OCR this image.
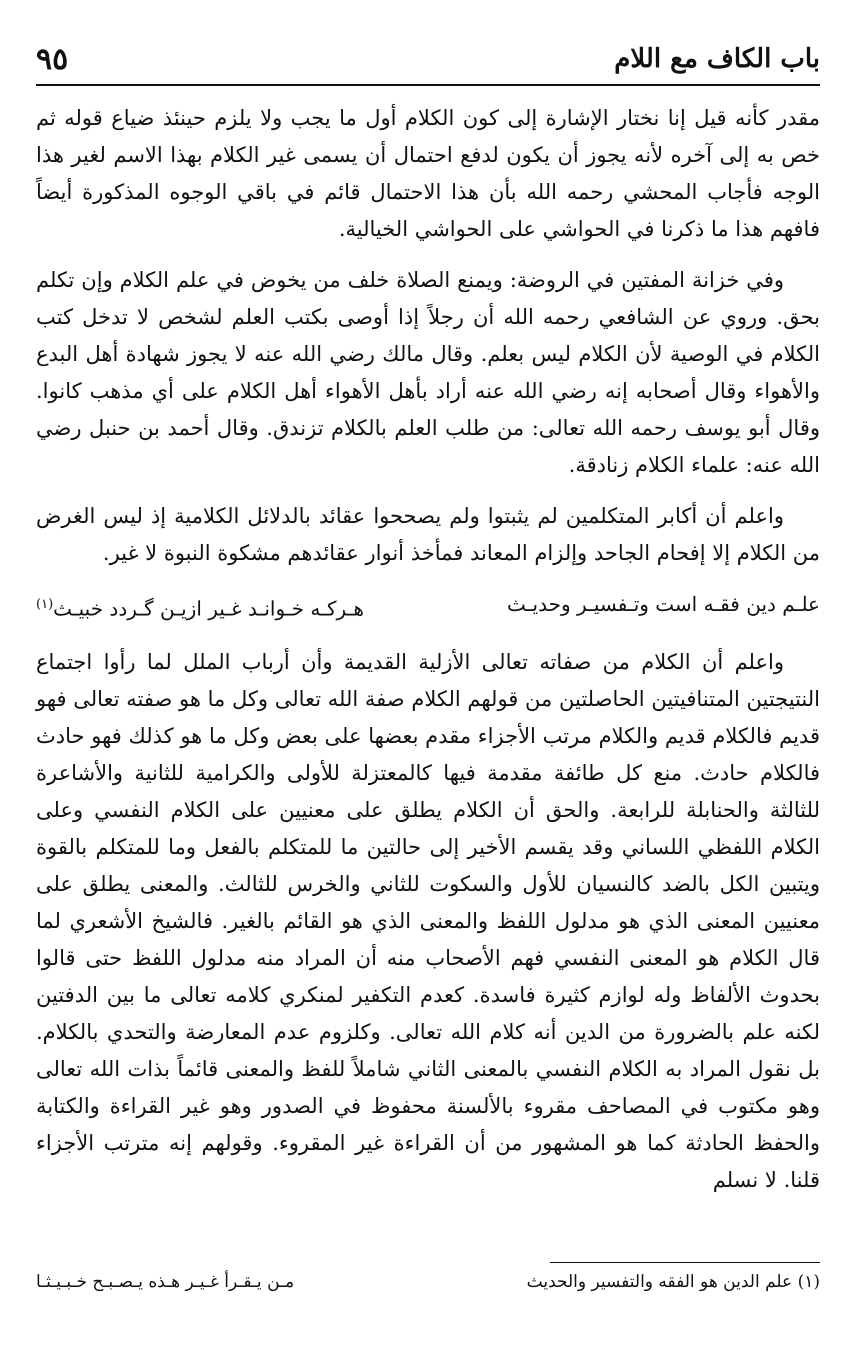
٩٥	باب الكاف مع اللام

مقدر كأنه قيل إنا نختار الإشارة إلى كون الكلام أول ما يجب ولا يلزم حينئذ ضياع قوله ثم خص به إلى آخره لأنه يجوز أن يكون لدفع احتمال أن يسمى غير الكلام بهذا الاسم لغير هذا الوجه فأجاب المحشي رحمه الله بأن هذا الاحتمال قائم في باقي الوجوه المذكورة أيضاً فافهم هذا ما ذكرنا في الحواشي على الحواشي الخيالية.

وفي خزانة المفتين في الروضة: ويمنع الصلاة خلف من يخوض في علم الكلام وإن تكلم بحق. وروي عن الشافعي رحمه الله أن رجلاً إذا أوصى بكتب العلم لشخص لا تدخل كتب الكلام في الوصية لأن الكلام ليس بعلم. وقال مالك رضي الله عنه لا يجوز شهادة أهل البدع والأهواء وقال أصحابه إنه رضي الله عنه أراد بأهل الأهواء أهل الكلام على أي مذهب كانوا. وقال أبو يوسف رحمه الله تعالى: من طلب العلم بالكلام تزندق. وقال أحمد بن حنبل رضي الله عنه: علماء الكلام زنادقة.

واعلم أن أكابر المتكلمين لم يثبتوا ولم يصححوا عقائد بالدلائل الكلامية إذ ليس الغرض من الكلام إلا إفحام الجاحد وإلزام المعاند فمأخذ أنوار عقائدهم مشكوة النبوة لا غير.

علـم دين فقـه است وتـفسيـر وحديـث
هـركـه خـوانـد غـير ازيـن گـردد خبيـث$^{(١)}$

واعلم أن الكلام من صفاته تعالى الأزلية القديمة وأن أرباب الملل لما رأوا اجتماع النتيجتين المتنافيتين الحاصلتين من قولهم الكلام صفة الله تعالى وكل ما هو صفته تعالى فهو قديم فالكلام قديم والكلام مرتب الأجزاء مقدم بعضها على بعض وكل ما هو كذلك فهو حادث فالكلام حادث. منع كل طائفة مقدمة فيها كالمعتزلة للأولى والكرامية للثانية والأشاعرة للثالثة والحنابلة للرابعة. والحق أن الكلام يطلق على معنيين على الكلام النفسي وعلى الكلام اللفظي اللساني وقد يقسم الأخير إلى حالتين ما للمتكلم بالفعل وما للمتكلم بالقوة ويتبين الكل بالضد كالنسيان للأول والسكوت للثاني والخرس للثالث. والمعنى يطلق على معنيين المعنى الذي هو مدلول اللفظ والمعنى الذي هو القائم بالغير. فالشيخ الأشعري لما قال الكلام هو المعنى النفسي فهم الأصحاب منه أن المراد منه مدلول اللفظ حتى قالوا بحدوث الألفاظ وله لوازم كثيرة فاسدة. كعدم التكفير لمنكري كلامه تعالى ما بين الدفتين لكنه علم بالضرورة من الدين أنه كلام الله تعالى. وكلزوم عدم المعارضة والتحدي بالكلام. بل نقول المراد به الكلام النفسي بالمعنى الثاني شاملاً للفظ والمعنى قائماً بذات الله تعالى وهو مكتوب في المصاحف مقروء بالألسنة محفوظ في الصدور وهو غير القراءة والكتابة والحفظ الحادثة كما هو المشهور من أن القراءة غير المقروء. وقولهم إنه مترتب الأجزاء قلنا. لا نسلم

(١) علم الدين هو الفقه والتفسير والحديث
مـن يـقـرأ غـيـر هـذه يـصـبـح خـبـيـثـا
